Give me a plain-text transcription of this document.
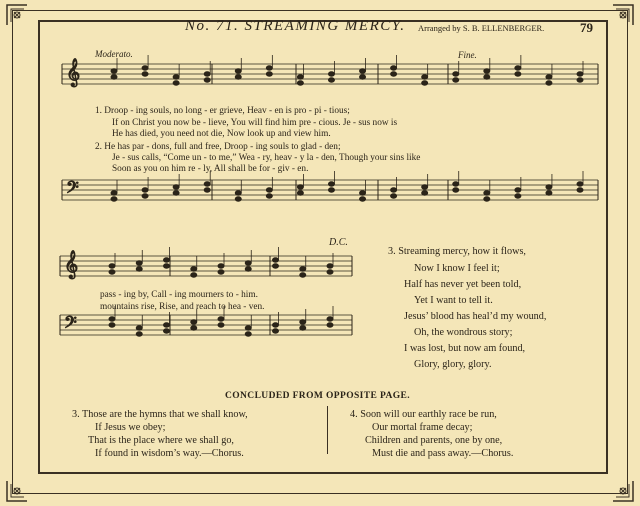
No. 71. STREAMING MERCY. Arranged by S. B. ELLENBERGER.	79
Moderato.	Fine.
D.C.
𝄞
𝄢
𝄞
𝄢
1. Droop - ing souls, no long - er grieve, Heav - en is pro - pi - tious;
If on Christ you now be - lieve, You will find him pre - cious. Je - sus now is
He has died, you need not die, Now look up and view him.
2. He has par - dons, full and free, Droop - ing souls to glad - den;
Je - sus calls, “Come un - to me,” Wea - ry, heav - y la - den, Though your sins like
Soon as you on him re - ly, All shall be for - giv - en.
pass - ing by, Call - ing mourners to - him.
mountains rise, Rise, and reach to hea - ven.
3. Streaming mercy, how it flows,
Now I know I feel it;
Half has never yet been told,
Yet I want to tell it.
Jesus’ blood has heal’d my wound,
Oh, the wondrous story;
I was lost, but now am found,
Glory, glory, glory.
CONCLUDED FROM OPPOSITE PAGE.
3. Those are the hymns that we shall know,
If Jesus we obey;
That is the place where we shall go,
If found in wisdom’s way.—Chorus.
4. Soon will our earthly race be run,
Our mortal frame decay;
Children and parents, one by one,
Must die and pass away.—Chorus.
